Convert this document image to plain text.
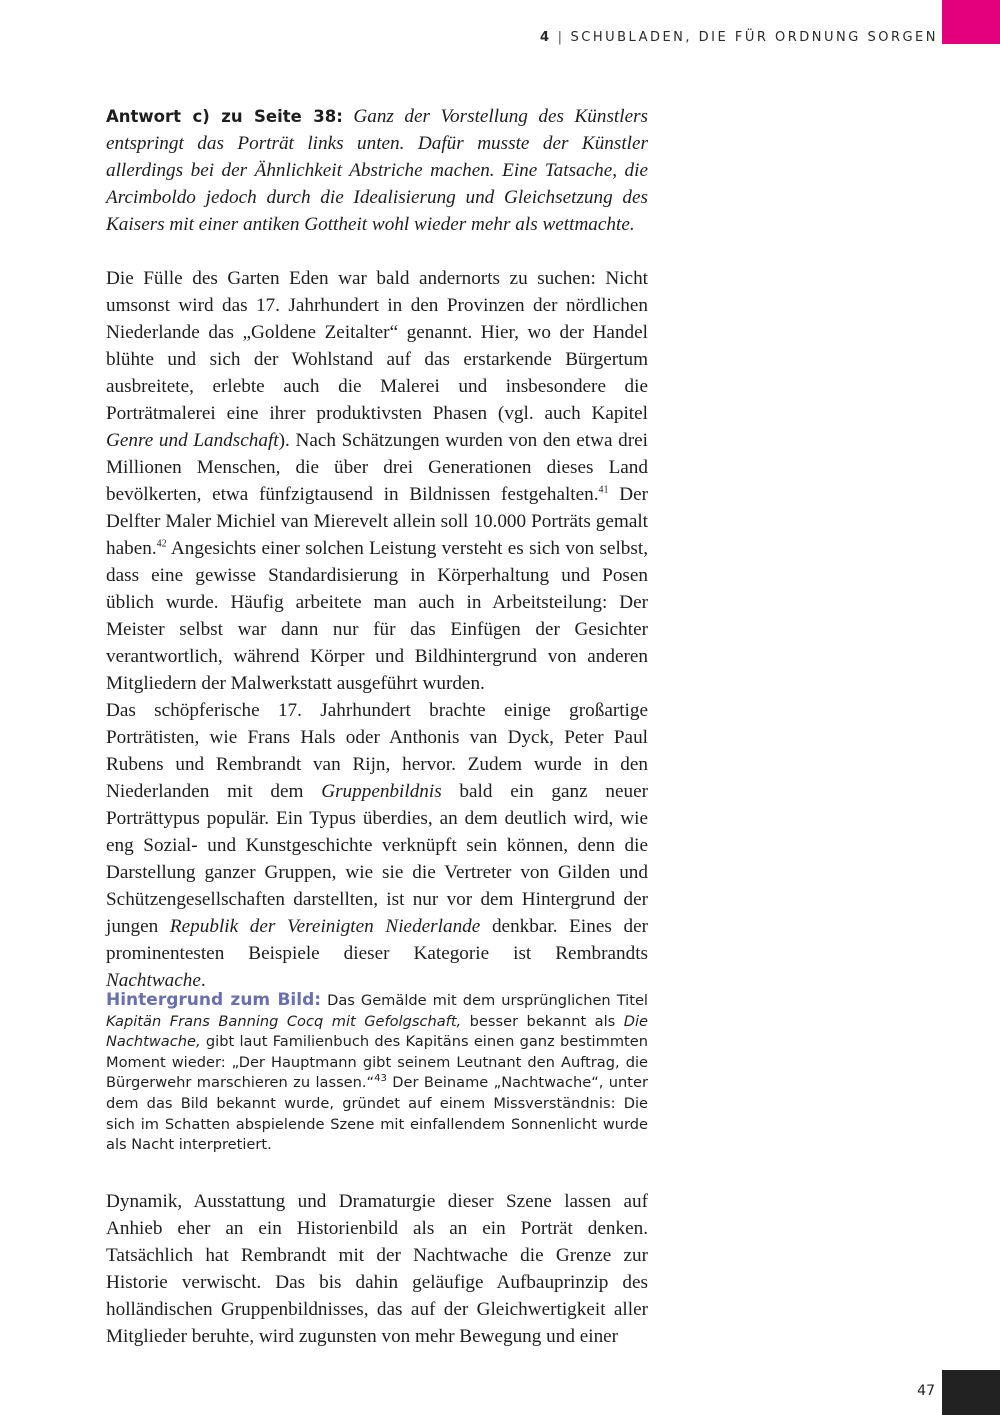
4 | SCHUBLADEN, DIE FÜR ORDNUNG SORGEN

Antwort c) zu Seite 38: Ganz der Vorstellung des Künstlers entspringt das Porträt links unten. Dafür musste der Künstler allerdings bei der Ähnlichkeit Abstriche machen. Eine Tatsache, die Arcimboldo jedoch durch die Idealisierung und Gleichsetzung des Kaisers mit einer antiken Gottheit wohl wieder mehr als wettmachte.

Die Fülle des Garten Eden war bald andernorts zu suchen: Nicht umsonst wird das 17. Jahrhundert in den Provinzen der nördlichen Niederlande das „Goldene Zeitalter“ genannt. Hier, wo der Handel blühte und sich der Wohlstand auf das erstarkende Bürgertum ausbreitete, erlebte auch die Malerei und insbesondere die Porträtmalerei eine ihrer produktivsten Phasen (vgl. auch Kapitel Genre und Landschaft). Nach Schätzungen wurden von den etwa drei Millionen Menschen, die über drei Generationen dieses Land bevölkerten, etwa fünfzigtausend in Bildnissen festgehalten.$^{41}$ Der Delfter Maler Michiel van Mierevelt allein soll 10.000 Porträts gemalt haben.$^{42}$ Angesichts einer solchen Leistung versteht es sich von selbst, dass eine gewisse Standardisierung in Körperhaltung und Posen üblich wurde. Häufig arbeitete man auch in Arbeitsteilung: Der Meister selbst war dann nur für das Einfügen der Gesichter verantwortlich, während Körper und Bildhintergrund von anderen Mitgliedern der Malwerkstatt ausgeführt wurden.

Das schöpferische 17. Jahrhundert brachte einige großartige Porträtisten, wie Frans Hals oder Anthonis van Dyck, Peter Paul Rubens und Rembrandt van Rijn, hervor. Zudem wurde in den Niederlanden mit dem Gruppenbildnis bald ein ganz neuer Porträttypus populär. Ein Typus überdies, an dem deutlich wird, wie eng Sozial- und Kunstgeschichte verknüpft sein können, denn die Darstellung ganzer Gruppen, wie sie die Vertreter von Gilden und Schützengesellschaften darstellten, ist nur vor dem Hintergrund der jungen Republik der Vereinigten Niederlande denkbar. Eines der prominentesten Beispiele dieser Kategorie ist Rembrandts Nachtwache.

Hintergrund zum Bild: Das Gemälde mit dem ursprünglichen Titel Kapitän Frans Banning Cocq mit Gefolgschaft, besser bekannt als Die Nachtwache, gibt laut Familienbuch des Kapitäns einen ganz bestimmten Moment wieder: „Der Hauptmann gibt seinem Leutnant den Auftrag, die Bürgerwehr marschieren zu lassen.“$^{43}$ Der Beiname „Nachtwache“, unter dem das Bild bekannt wurde, gründet auf einem Missverständnis: Die sich im Schatten abspielende Szene mit einfallendem Sonnenlicht wurde als Nacht interpretiert.

Dynamik, Ausstattung und Dramaturgie dieser Szene lassen auf Anhieb eher an ein Historienbild als an ein Porträt denken. Tatsächlich hat Rembrandt mit der Nachtwache die Grenze zur Historie verwischt. Das bis dahin geläufige Aufbauprinzip des holländischen Gruppenbildnisses, das auf der Gleichwertigkeit aller Mitglieder beruhte, wird zugunsten von mehr Bewegung und einer

47
